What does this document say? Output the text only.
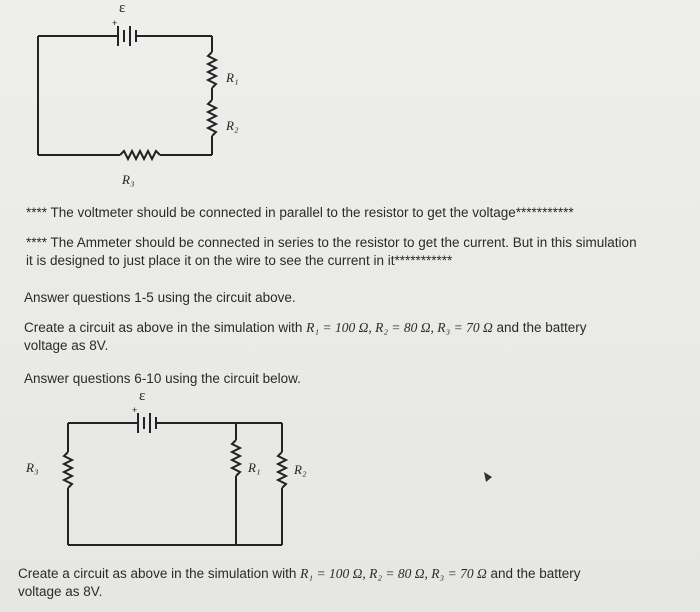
+
ε
R₁
R₂
R₃
**** The voltmeter should be connected in parallel to the resistor to get the voltage***********
**** The Ammeter should be connected in series to the resistor to get the current. But in this simulation
it is designed to just place it on the wire to see the current in it***********
Answer questions 1-5 using the circuit above.
Create a circuit as above in the simulation with R₁ = 100 Ω, R₂ = 80 Ω, R₃ = 70 Ω and the battery
voltage as 8V.
Answer questions 6-10 using the circuit below.
+
ε
R₃	R₁	R₂
Create a circuit as above in the simulation with R₁ = 100 Ω, R₂ = 80 Ω, R₃ = 70 Ω and the battery
voltage as 8V.
